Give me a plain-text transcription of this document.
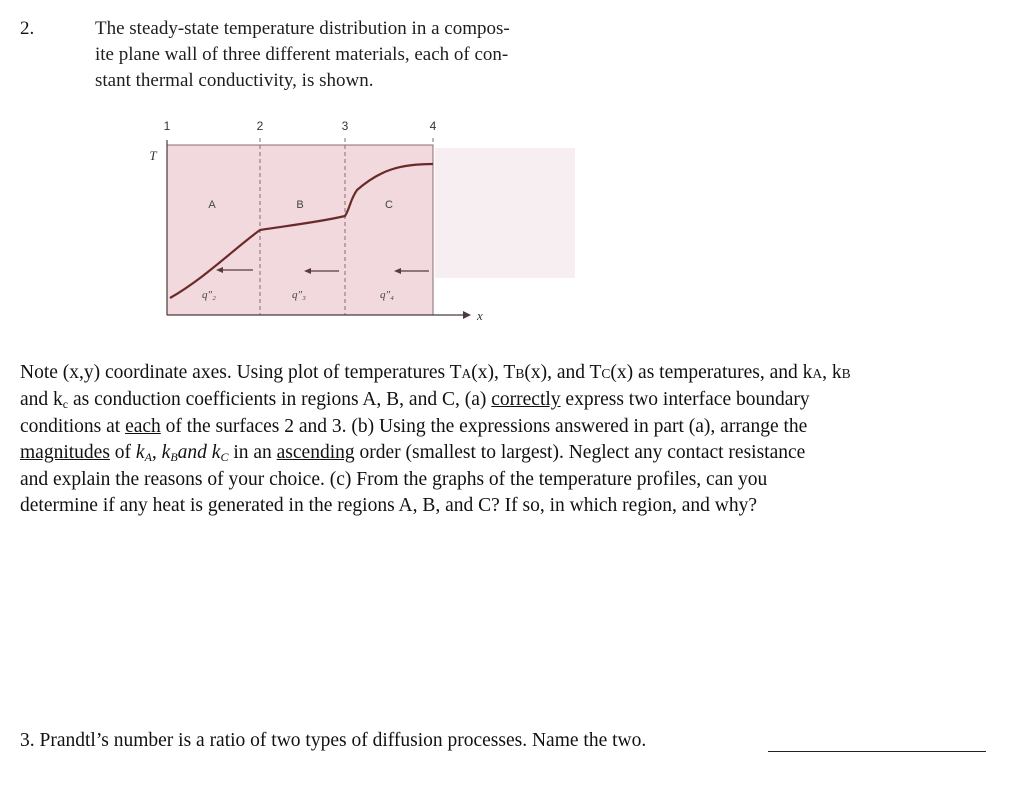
2.	The steady-state temperature distribution in a compos-
ite plane wall of three different materials, each of con-
stant thermal conductivity, is shown.
1	2	3	4
T
x
A	B	C
q″₂	q″₃	q″₄
Note (x,y) coordinate axes. Using plot of temperatures TA(x), TB(x), and TC(x) as temperatures, and kA, kB
and $k_c$ as conduction coefficients in regions A, B, and C, (a) correctly express two interface boundary
conditions at each of the surfaces 2 and 3. (b) Using the expressions answered in part (a), arrange the
magnitudes of $k_A$, $k_Band$ $k_C$ in an ascending order (smallest to largest). Neglect any contact resistance
and explain the reasons of your choice. (c) From the graphs of the temperature profiles, can you
determine if any heat is generated in the regions A, B, and C? If so, in which region, and why?
3. Prandtl’s number is a ratio of two types of diffusion processes. Name the two.
